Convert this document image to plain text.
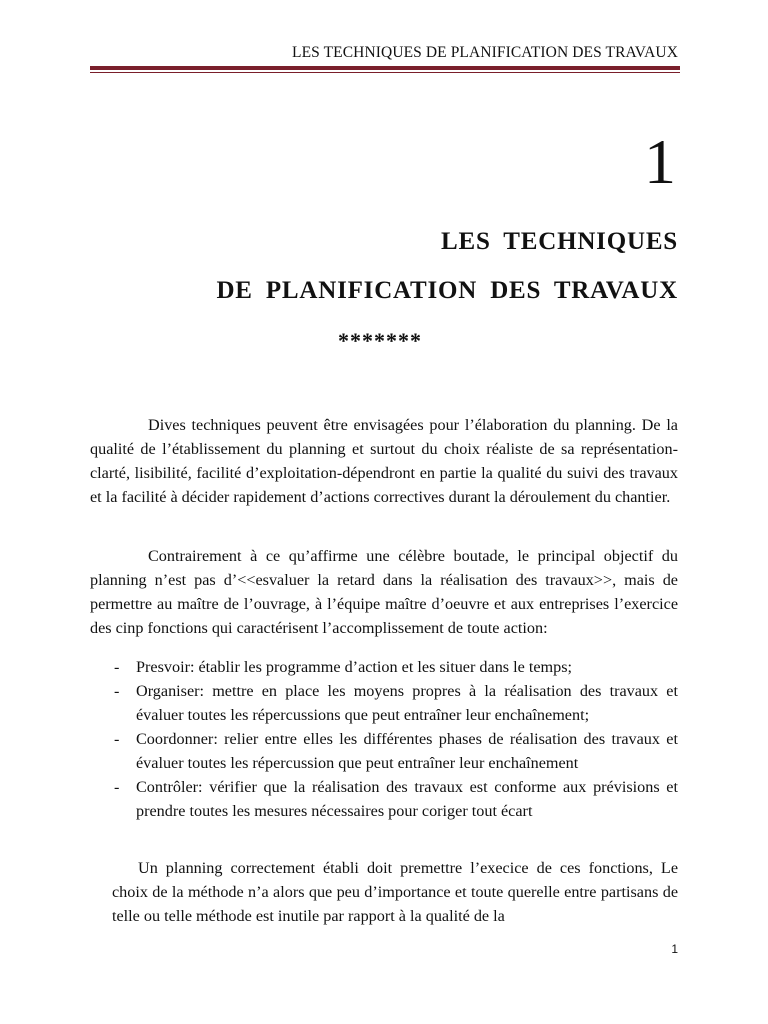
LES TECHNIQUES DE PLANIFICATION DES TRAVAUX
1
LES TECHNIQUES
DE PLANIFICATION DES TRAVAUX
*******

Dives techniques peuvent être envisagées pour l’élaboration du planning. De la qualité de l’établissement du planning et surtout du choix réaliste de sa représentation-clarté, lisibilité, facilité d’exploitation-dépendront en partie la qualité du suivi des travaux et la facilité à décider rapidement d’actions correctives durant la déroulement du chantier.

Contrairement à ce qu’affirme une célèbre boutade, le principal objectif du planning n’est pas d’<<esvaluer la retard dans la réalisation des travaux>>, mais de permettre au maître de l’ouvrage, à l’équipe maître d’oeuvre et aux entreprises l’exercice des cinp fonctions qui caractérisent l’accomplissement de toute action:

- Presvoir: établir les programme d’action et les situer dans le temps;
- Organiser: mettre en place les moyens propres à la réalisation des travaux et évaluer toutes les répercussions que peut entraîner leur enchaînement;
- Coordonner: relier entre elles les différentes phases de réalisation des travaux et évaluer toutes les répercussion que peut entraîner leur enchaînement
- Contrôler: vérifier que la réalisation des travaux est conforme aux prévisions et prendre toutes les mesures nécessaires pour coriger tout écart

Un planning correctement établi doit premettre l’execice de ces fonctions, Le choix de la méthode n’a alors que peu d’importance et toute querelle entre partisans de telle ou telle méthode est inutile par rapport à la qualité de la

1
